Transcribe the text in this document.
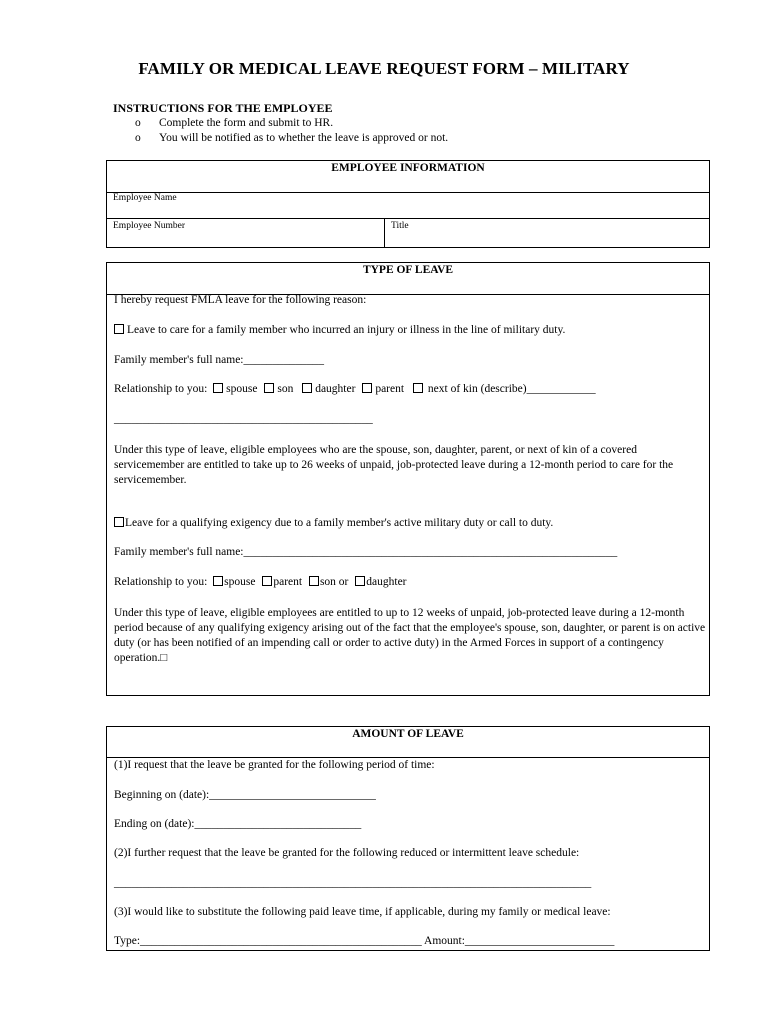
FAMILY OR MEDICAL LEAVE REQUEST FORM – MILITARY
INSTRUCTIONS FOR THE EMPLOYEE
o Complete the form and submit to HR.
o You will be notified as to whether the leave is approved or not.
EMPLOYEE INFORMATION
Employee Name
Employee Number	Title
TYPE OF LEAVE
I hereby request FMLA leave for the following reason:
Leave to care for a family member who incurred an injury or illness in the line of military duty.
Family member's full name:______________
Relationship to you: spouse son daughter parent next of kin (describe)____________
_____________________________________________
Under this type of leave, eligible employees who are the spouse, son, daughter, parent, or next of kin of a covered servicemember are entitled to take up to 26 weeks of unpaid, job-protected leave during a 12-month period to care for the servicemember.
Leave for a qualifying exigency due to a family member's active military duty or call to duty.
Family member's full name:_________________________________________________________________
Relationship to you: spouse parent son or daughter
Under this type of leave, eligible employees are entitled to up to 12 weeks of unpaid, job-protected leave during a 12-month period because of any qualifying exigency arising out of the fact that the employee's spouse, son, daughter, or parent is on active duty (or has been notified of an impending call or order to active duty) in the Armed Forces in support of a contingency operation.□
AMOUNT OF LEAVE
(1)I request that the leave be granted for the following period of time:
Beginning on (date):_____________________________
Ending on (date):_____________________________
(2)I further request that the leave be granted for the following reduced or intermittent leave schedule:
___________________________________________________________________________________
(3)I would like to substitute the following paid leave time, if applicable, during my family or medical leave:
Type:_________________________________________________ Amount:__________________________
